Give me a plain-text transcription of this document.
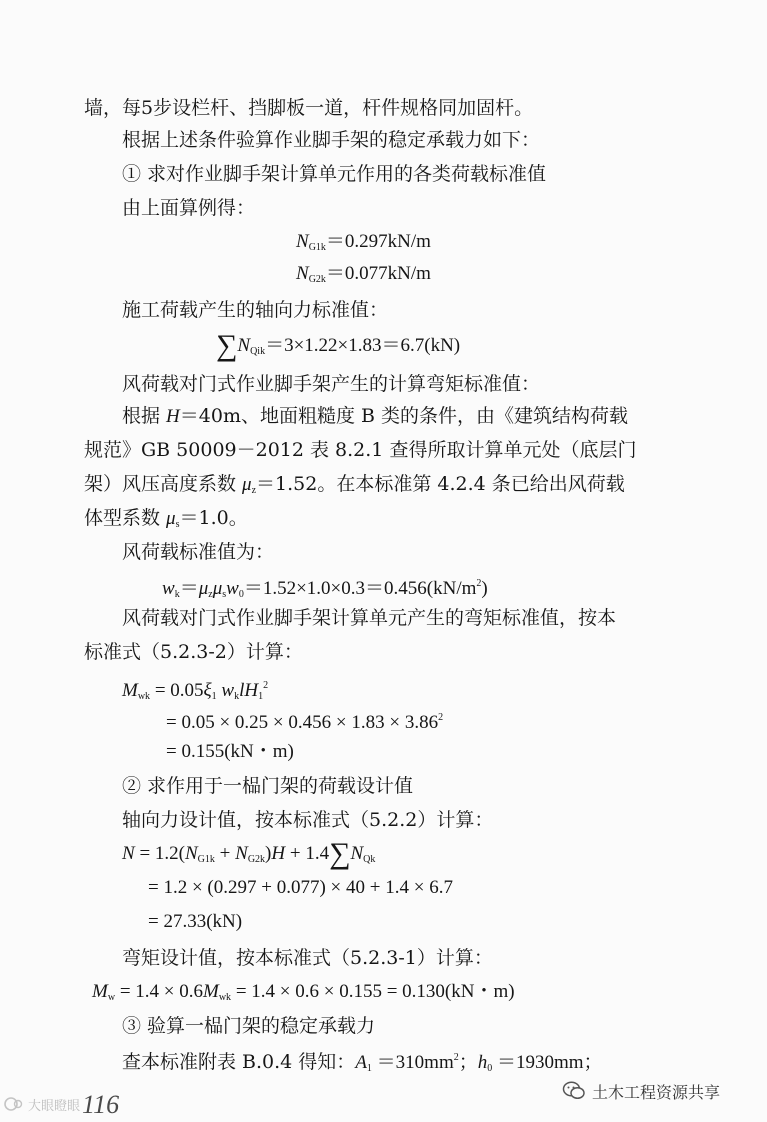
墙，每5步设栏杆、挡脚板一道，杆件规格同加固杆。
根据上述条件验算作业脚手架的稳定承载力如下：
① 求对作业脚手架计算单元作用的各类荷载标准值
由上面算例得：
$N_{G1k}=0.297kN/m$
$N_{G2k}=0.077kN/m$
施工荷载产生的轴向力标准值：
$\sum N_{Qik}=3\times 1.22\times 1.83=6.7(kN)$
风荷载对门式作业脚手架产生的计算弯矩标准值：
根据 H＝40m、地面粗糙度 B 类的条件，由《建筑结构荷载
规范》GB 50009－2012 表 8.2.1 查得所取计算单元处（底层门
架）风压高度系数 $\mu_z=1.52$。在本标准第 4.2.4 条已给出风荷载
体型系数 $\mu_s=1.0$。
风荷载标准值为：
$w_k=\mu_z\mu_sw_0=1.52\times 1.0\times 0.3=0.456(kN/m^2)$
风荷载对门式作业脚手架计算单元产生的弯矩标准值，按本
标准式（5.2.3-2）计算：
$M_{wk} = 0.05\xi_1$ $w_klH_1^2$
= $0.05 \times 0.25 \times 0.456 \times 1.83 \times 3.86^2$
= 0.155(kN・m)
② 求作用于一榀门架的荷载设计值
轴向力设计值，按本标准式（5.2.2）计算：
$N = 1.2(N_{G1k} + N_{G2k})H + 1.4\sum N_{Qk}$
= 1.2 × (0.297 + 0.077) × 40 + 1.4 × 6.7
= 27.33(kN)
弯矩设计值，按本标准式（5.2.3-1）计算：
$M_w = 1.4 \times 0.6M_{wk} = 1.4 \times 0.6 \times 0.155 = 0.130(kN$・m)
③ 验算一榀门架的稳定承载力
查本标准附表 B.0.4 得知：$A_1 =310mm^2$；$h_0 =1930mm$；
大眼瞪眼 116	土木工程资源共享
